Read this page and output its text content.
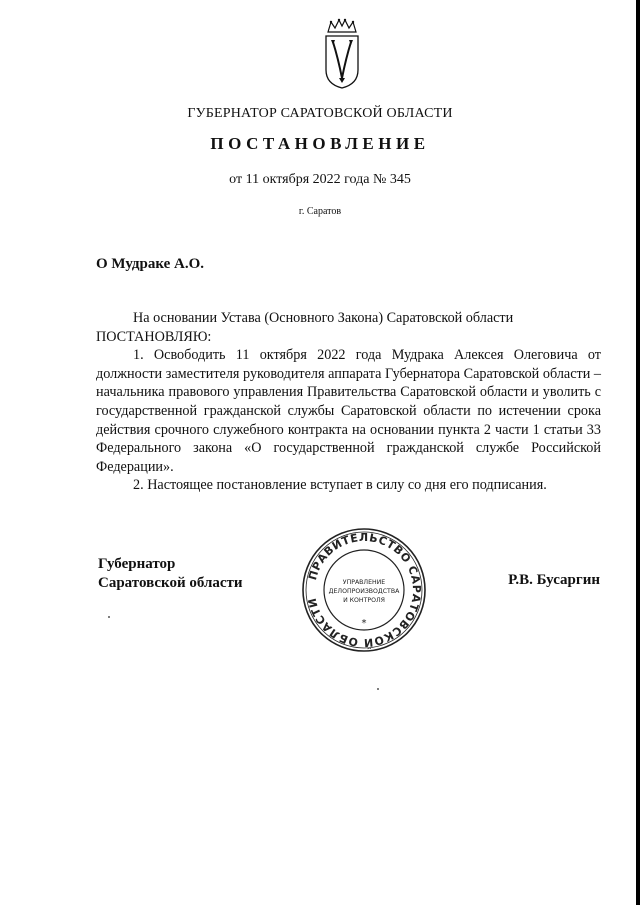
ГУБЕРНАТОР САРАТОВСКОЙ ОБЛАСТИ
ПОСТАНОВЛЕНИЕ
от 11 октября 2022 года № 345
г. Саратов
О Мудраке А.О.

На основании Устава (Основного Закона) Саратовской области

ПОСТАНОВЛЯЮ:

1. Освободить 11 октября 2022 года Мудрака Алексея Олеговича от должности заместителя руководителя аппарата Губернатора Саратовской области – начальника правового управления Правительства Саратовской области и уволить с государственной гражданской службы Саратовской области по истечении срока действия срочного служебного контракта на основании пункта 2 части 1 статьи 33 Федерального закона «О государственной гражданской службе Российской Федерации».

2. Настоящее постановление вступает в силу со дня его подписания.

Губернатор
Саратовской области	ПРАВИТЕЛЬСТВО САРАТОВСКОЙ ОБЛАСТИ
УПРАВЛЕНИЕ
ДЕЛОПРОИЗВОДСТВА
И КОНТРОЛЯ
*
Р.В. Бусаргин
